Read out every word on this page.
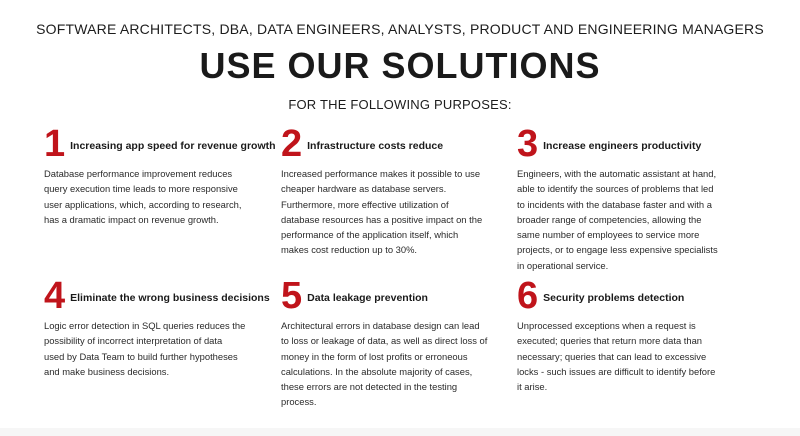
SOFTWARE ARCHITECTS, DBA, DATA ENGINEERS, ANALYSTS, PRODUCT AND ENGINEERING MANAGERS
USE OUR SOLUTIONS
FOR THE FOLLOWING PURPOSES:
1 Increasing app speed for revenue growth
Database performance improvement reduces
query execution time leads to more responsive
user applications, which, according to research,
has a dramatic impact on revenue growth.
2 Infrastructure costs reduce
Increased performance makes it possible to use
cheaper hardware as database servers.
Furthermore, more effective utilization of
database resources has a positive impact on the
performance of the application itself, which
makes cost reduction up to 30%.
3 Increase engineers productivity
Engineers, with the automatic assistant at hand,
able to identify the sources of problems that led
to incidents with the database faster and with a
broader range of competencies, allowing the
same number of employees to service more
projects, or to engage less expensive specialists
in operational service.
4 Eliminate the wrong business decisions
Logic error detection in SQL queries reduces the
possibility of incorrect interpretation of data
used by Data Team to build further hypotheses
and make business decisions.
5 Data leakage prevention
Architectural errors in database design can lead
to loss or leakage of data, as well as direct loss of
money in the form of lost profits or erroneous
calculations. In the absolute majority of cases,
these errors are not detected in the testing
process.
6 Security problems detection
Unprocessed exceptions when a request is
executed; queries that return more data than
necessary; queries that can lead to excessive
locks - such issues are difficult to identify before
it arise.
